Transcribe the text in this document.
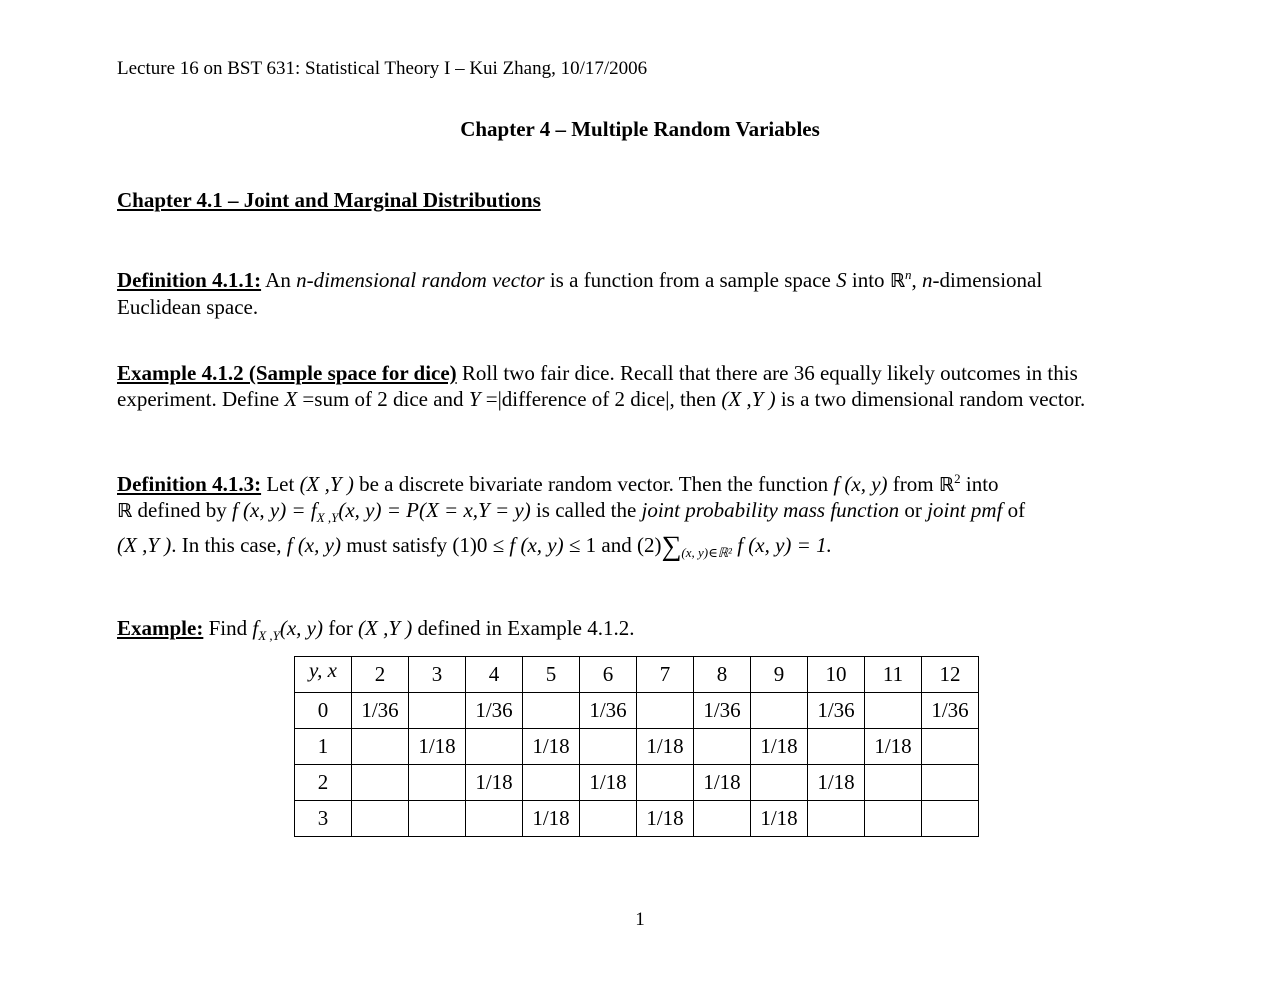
Lecture 16 on BST 631: Statistical Theory I – Kui Zhang, 10/17/2006
Chapter 4 – Multiple Random Variables
Chapter 4.1 – Joint and Marginal Distributions
Definition 4.1.1: An n-dimensional random vector is a function from a sample space S into ℝ$^n$, n-dimensional
Euclidean space.
Example 4.1.2 (Sample space for dice) Roll two fair dice. Recall that there are 36 equally likely outcomes in this
experiment. Define X =sum of 2 dice and Y =|difference of 2 dice|, then (X ,Y ) is a two dimensional random vector.
Definition 4.1.3: Let (X ,Y ) be a discrete bivariate random vector. Then the function f (x, y) from ℝ$^2$ into
ℝ defined by f (x, $y) = f_{X ,Y}(x$, y) = P(X = x,Y = y) is called the joint probability mass function or joint pmf of
(X ,Y ). In this case, f (x, y) must satisfy (1)0 ≤ f (x, y) ≤ 1 and $(2)\sum_{(x, y)\in ℝ^2}$ f (x, y) = 1.
Example: Find $f_{X ,Y}(x$, y) for (X ,Y ) defined in Example 4.1.2.
y, x	2	3	4	5	6	7	8	9	10	11	12
0	1/36		1/36		1/36		1/36		1/36		1/36
1		1/18		1/18		1/18		1/18		1/18	
2			1/18		1/18		1/18		1/18		
3				1/18		1/18		1/18			
1
